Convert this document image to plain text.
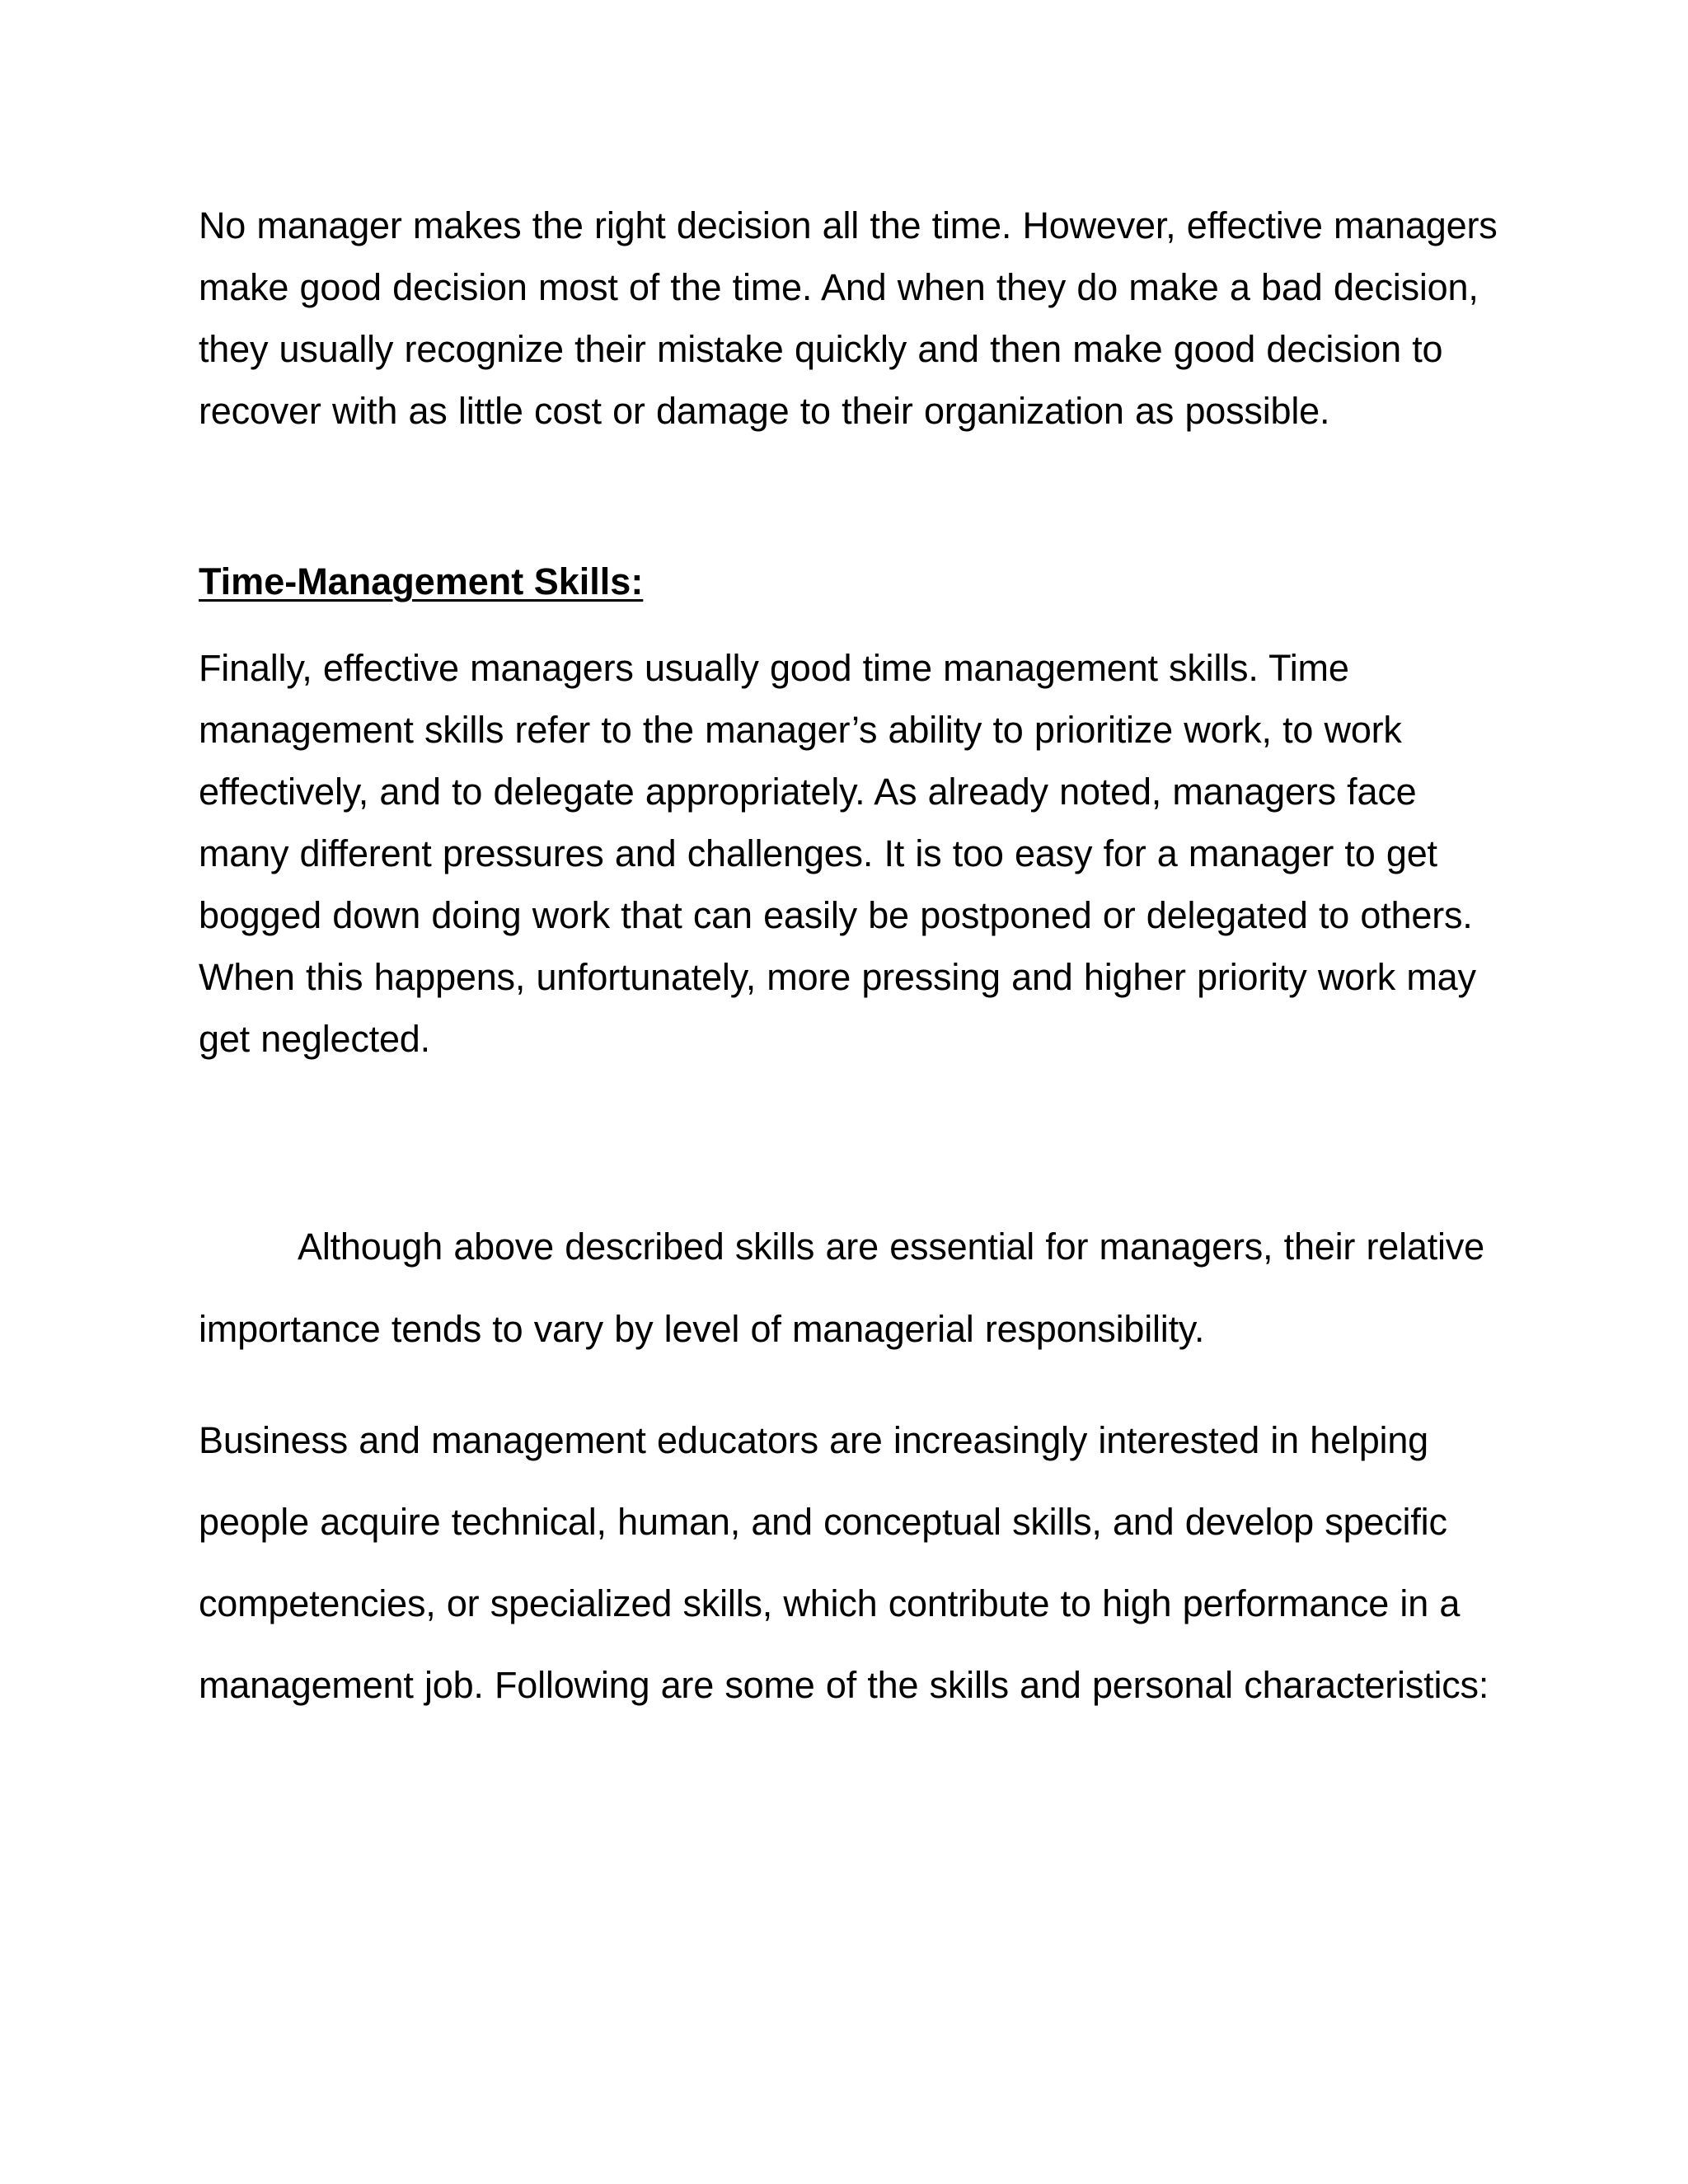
No manager makes the right decision all the time. However, effective managers make good decision most of the time. And when they do make a bad decision, they usually recognize their mistake quickly and then make good decision to recover with as little cost or damage to their organization as possible.

Time-Management Skills:

Finally, effective managers usually good time management skills. Time management skills refer to the manager’s ability to prioritize work, to work effectively, and to delegate appropriately. As already noted, managers face many different pressures and challenges. It is too easy for a manager to get bogged down doing work that can easily be postponed or delegated to others. When this happens, unfortunately, more pressing and higher priority work may get neglected.

Although above described skills are essential for managers, their relative importance tends to vary by level of managerial responsibility.

Business and management educators are increasingly interested in helping people acquire technical, human, and conceptual skills, and develop specific competencies, or specialized skills, which contribute to high performance in a management job. Following are some of the skills and personal characteristics:
